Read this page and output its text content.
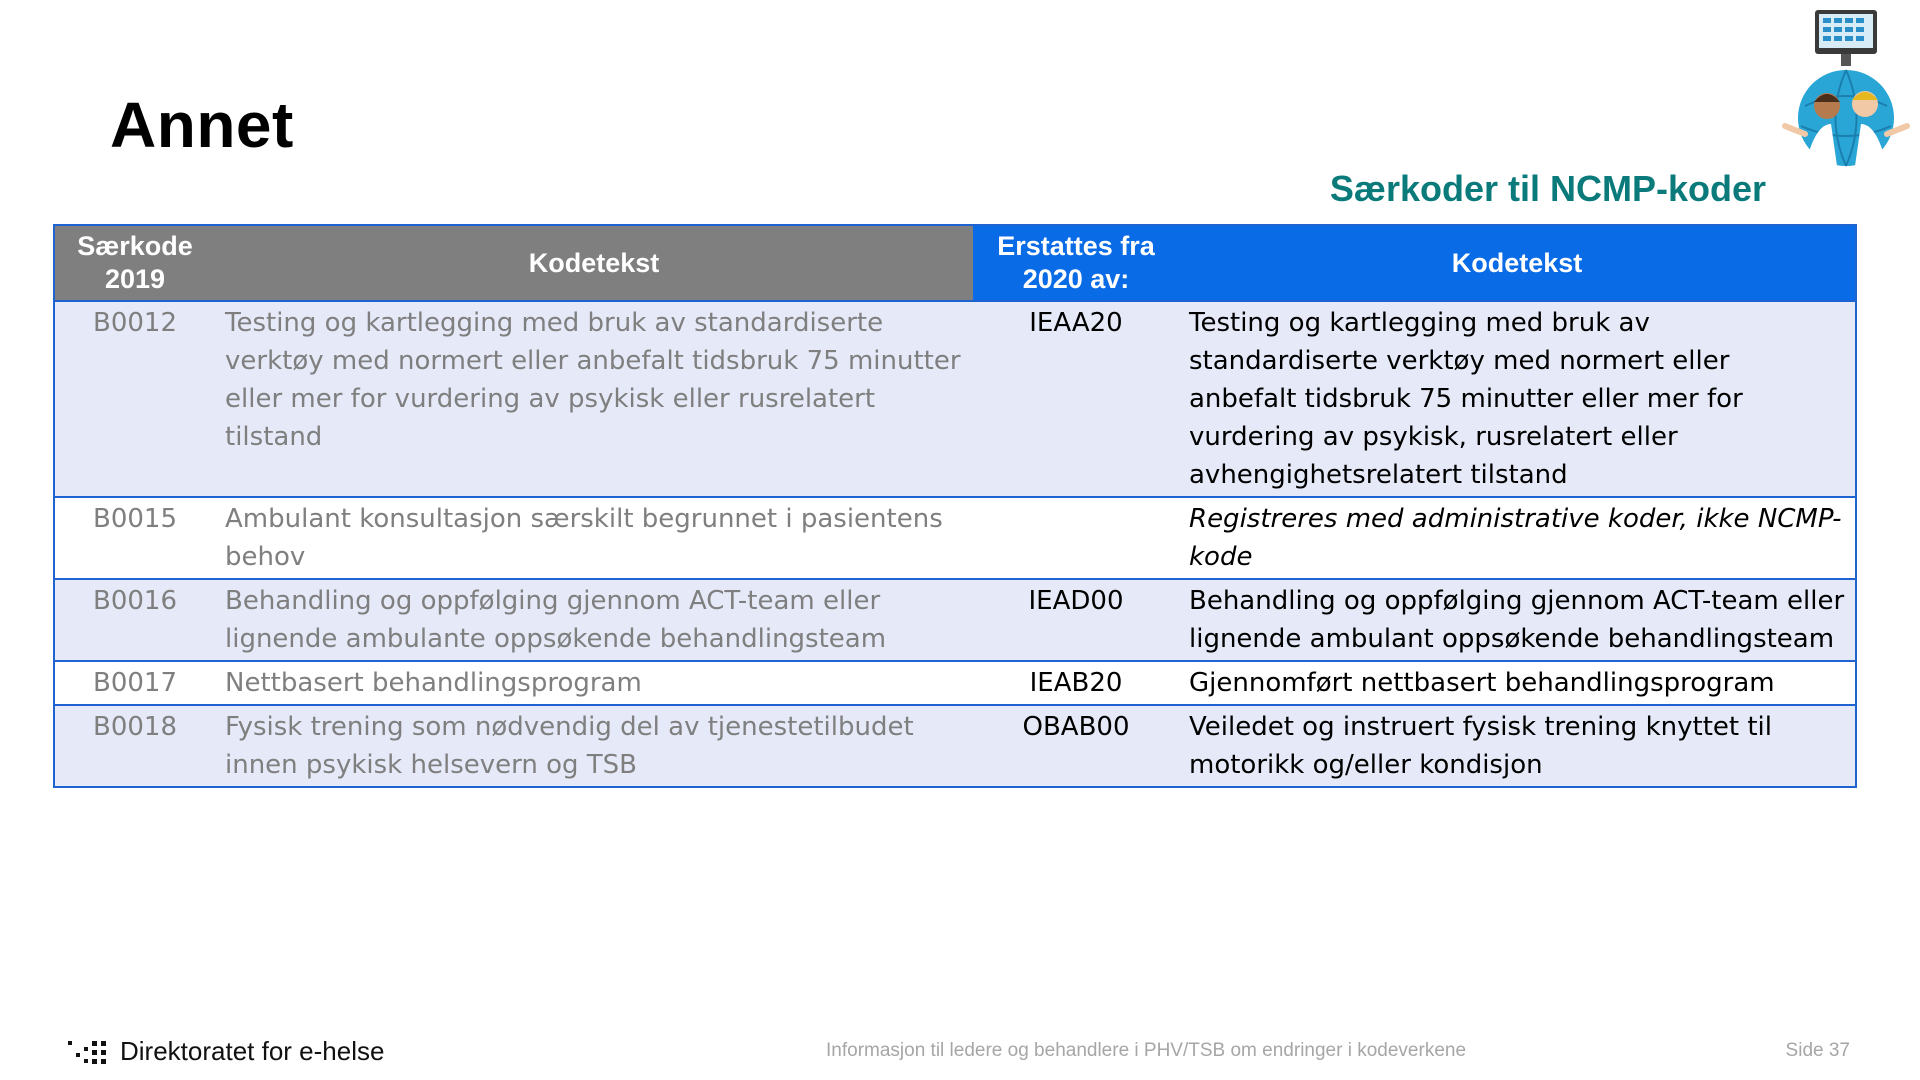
Annet
Særkoder til NCMP-koder
Særkode 2019	Kodetekst	Erstattes fra 2020 av:	Kodetekst
B0012	Testing og kartlegging med bruk av standardiserte verktøy med normert eller anbefalt tidsbruk 75 minutter eller mer for vurdering av psykisk eller rusrelatert tilstand	IEAA20	Testing og kartlegging med bruk av standardiserte verktøy med normert eller anbefalt tidsbruk 75 minutter eller mer for vurdering av psykisk, rusrelatert eller avhengighetsrelatert tilstand
B0015	Ambulant konsultasjon særskilt begrunnet i pasientens behov		Registreres med administrative koder, ikke NCMP-kode
B0016	Behandling og oppfølging gjennom ACT-team eller lignende ambulante oppsøkende behandlingsteam	IEAD00	Behandling og oppfølging gjennom ACT-team eller lignende ambulant oppsøkende behandlingsteam
B0017	Nettbasert behandlingsprogram	IEAB20	Gjennomført nettbasert behandlingsprogram
B0018	Fysisk trening som nødvendig del av tjenestetilbudet innen psykisk helsevern og TSB	OBAB00	Veiledet og instruert fysisk trening knyttet til motorikk og/eller kondisjon
Direktoratet for e-helse	Informasjon til ledere og behandlere i PHV/TSB om endringer i kodeverkene	Side 37
